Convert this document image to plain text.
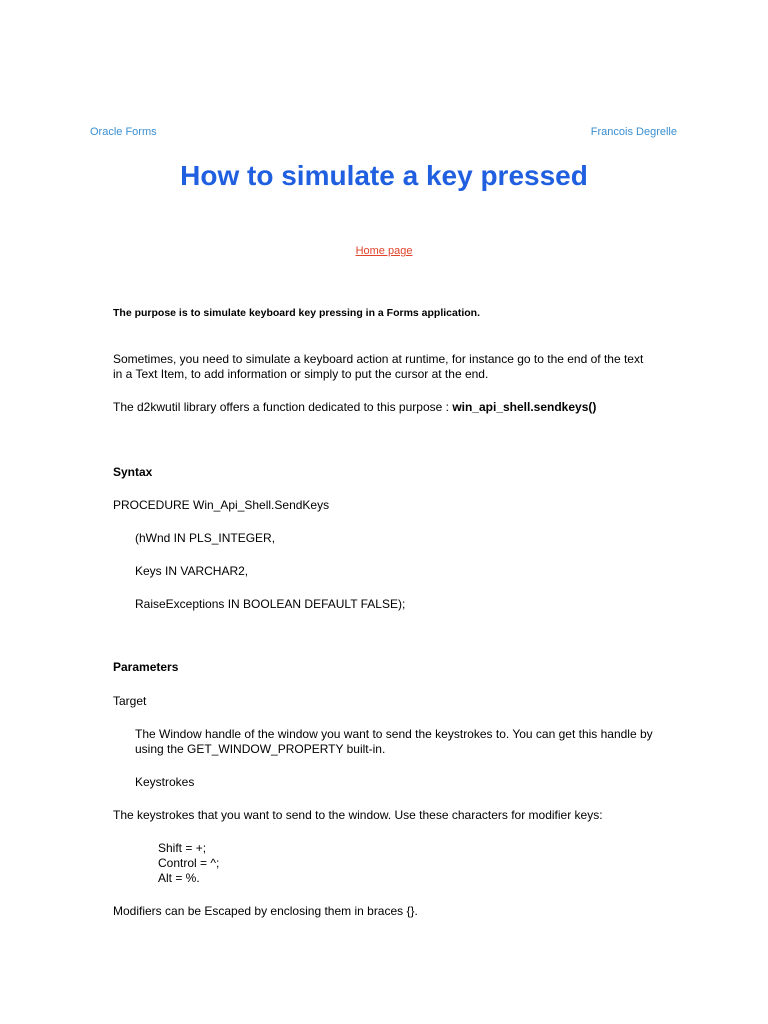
Oracle Forms	Francois Degrelle
How to simulate a key pressed
Home page
The purpose is to simulate keyboard key pressing in a Forms application.
Sometimes, you need to simulate a keyboard action at runtime, for instance go to the end of the text
in a Text Item, to add information or simply to put the cursor at the end.
The d2kwutil library offers a function dedicated to this purpose : win_api_shell.sendkeys()
Syntax
PROCEDURE Win_Api_Shell.SendKeys
(hWnd IN PLS_INTEGER,
Keys IN VARCHAR2,
RaiseExceptions IN BOOLEAN DEFAULT FALSE);
Parameters
Target
The Window handle of the window you want to send the keystrokes to. You can get this handle by
using the GET_WINDOW_PROPERTY built-in.
Keystrokes
The keystrokes that you want to send to the window. Use these characters for modifier keys:
Shift = +;
Control = ^;
Alt = %.
Modifiers can be Escaped by enclosing them in braces {}.
